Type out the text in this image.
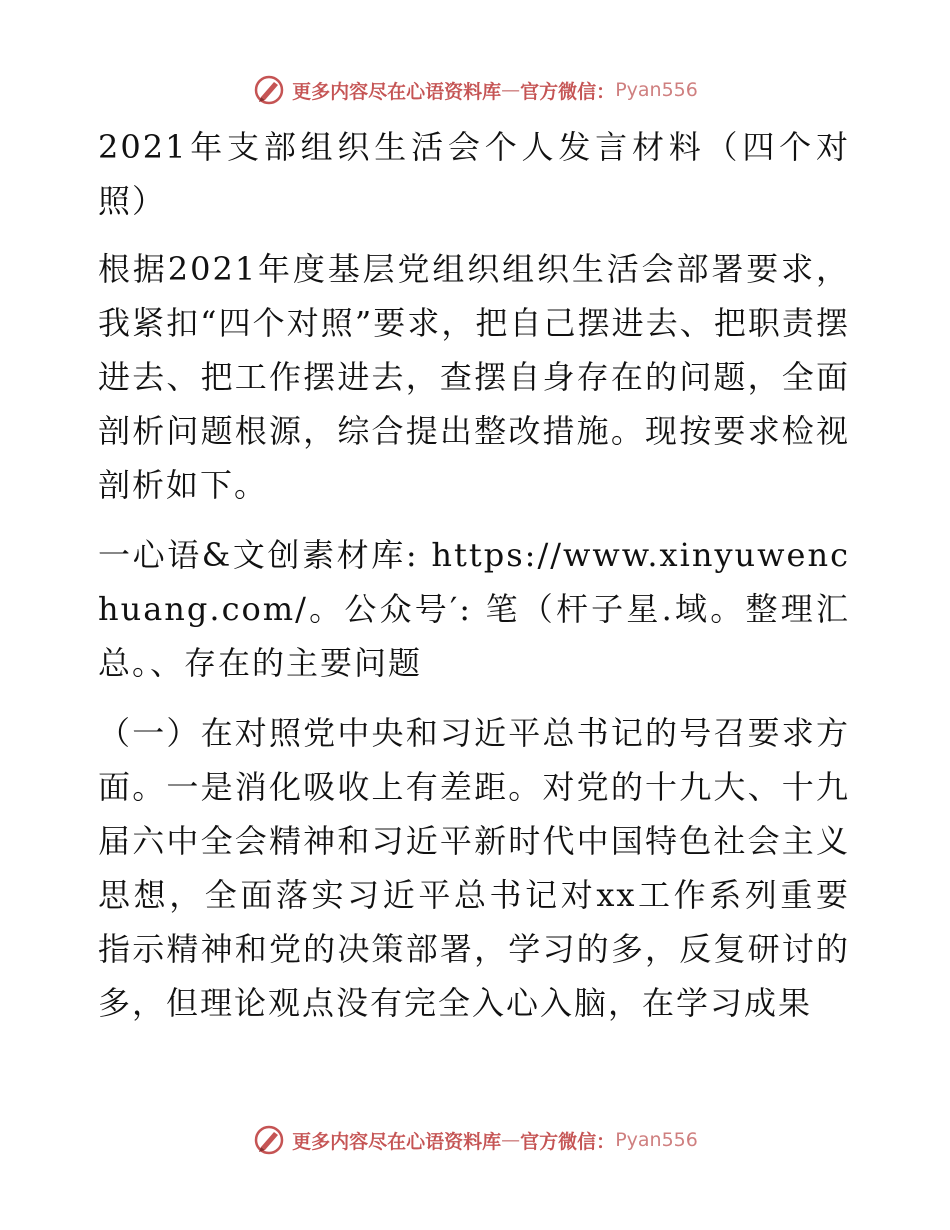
更多内容尽在心语资料库 — 官方微信： Pyan556

2021年支部组织生活会个人发言材料（四个对照）

根据2021年度基层党组织组织生活会部署要求，我紧扣“四个对照”要求，把自己摆进去、把职责摆进去、把工作摆进去，查摆自身存在的问题，全面剖析问题根源，综合提出整改措施。现按要求检视剖析如下。

一心语&文创素材库: https://www.xinyuwenchuang.com/。公众号′: 笔（杆子星.域。整理汇总。、存在的主要问题

（一）在对照党中央和习近平总书记的号召要求方面。一是消化吸收上有差距。对党的十九大、十九届六中全会精神和习近平新时代中国特色社会主义思想，全面落实习近平总书记对xx工作系列重要指示精神和党的决策部署，学习的多，反复研讨的多，但理论观点没有完全入心入脑，在学习成果

更多内容尽在心语资料库 — 官方微信： Pyan556
